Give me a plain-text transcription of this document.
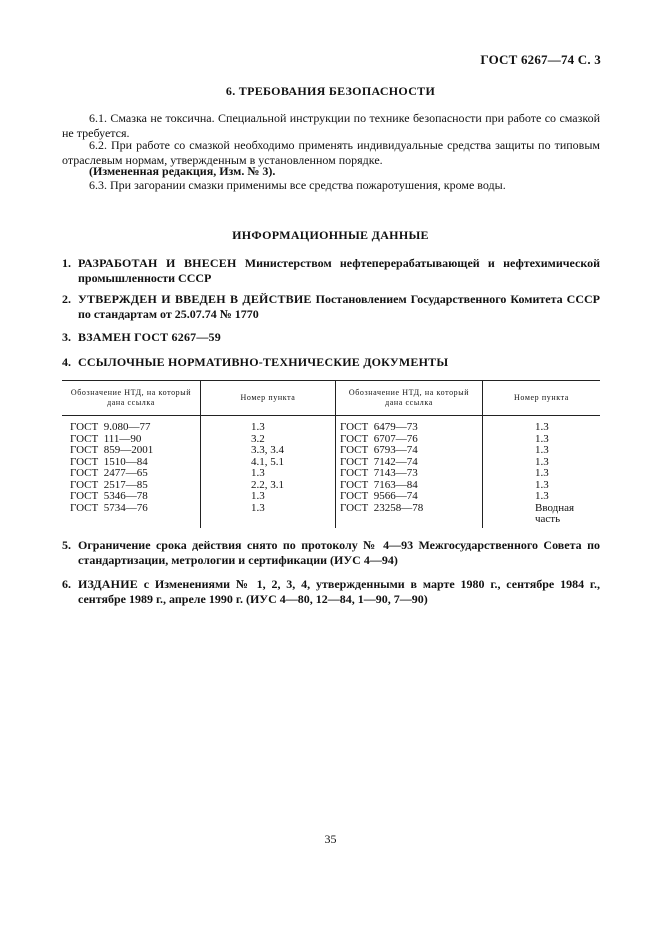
ГОСТ 6267—74 С. 3
6. ТРЕБОВАНИЯ БЕЗОПАСНОСТИ
6.1. Смазка не токсична. Специальной инструкции по технике безопасности при работе со смазкой не требуется.
6.2. При работе со смазкой необходимо применять индивидуальные средства защиты по типовым отраслевым нормам, утвержденным в установленном порядке.
(Измененная редакция, Изм. № 3).
6.3. При загорании смазки применимы все средства пожаротушения, кроме воды.
ИНФОРМАЦИОННЫЕ ДАННЫЕ
1. РАЗРАБОТАН И ВНЕСЕН Министерством нефтеперерабатывающей и нефтехимической промышленности СССР
2. УТВЕРЖДЕН И ВВЕДЕН В ДЕЙСТВИЕ Постановлением Государственного Комитета СССР по стандартам от 25.07.74 № 1770
3. ВЗАМЕН ГОСТ 6267—59
4. ССЫЛОЧНЫЕ НОРМАТИВНО-ТЕХНИЧЕСКИЕ ДОКУМЕНТЫ
Обозначение НТД, на который дана ссылка	Номер пункта	Обозначение НТД, на который дана ссылка	Номер пункта
ГОСТ  9.080—77	1.3	ГОСТ  6479—73	1.3
ГОСТ  111—90	3.2	ГОСТ  6707—76	1.3
ГОСТ  859—2001	3.3, 3.4	ГОСТ  6793—74	1.3
ГОСТ  1510—84	4.1, 5.1	ГОСТ  7142—74	1.3
ГОСТ  2477—65	1.3	ГОСТ  7143—73	1.3
ГОСТ  2517—85	2.2, 3.1	ГОСТ  7163—84	1.3
ГОСТ  5346—78	1.3	ГОСТ  9566—74	1.3
ГОСТ  5734—76	1.3	ГОСТ  23258—78	Вводная часть
5. Ограничение срока действия снято по протоколу № 4—93 Межгосударственного Совета по стандартизации, метрологии и сертификации (ИУС 4—94)
6. ИЗДАНИЕ с Изменениями № 1, 2, 3, 4, утвержденными в марте 1980 г., сентябре 1984 г., сентябре 1989 г., апреле 1990 г. (ИУС 4—80, 12—84, 1—90, 7—90)
35
